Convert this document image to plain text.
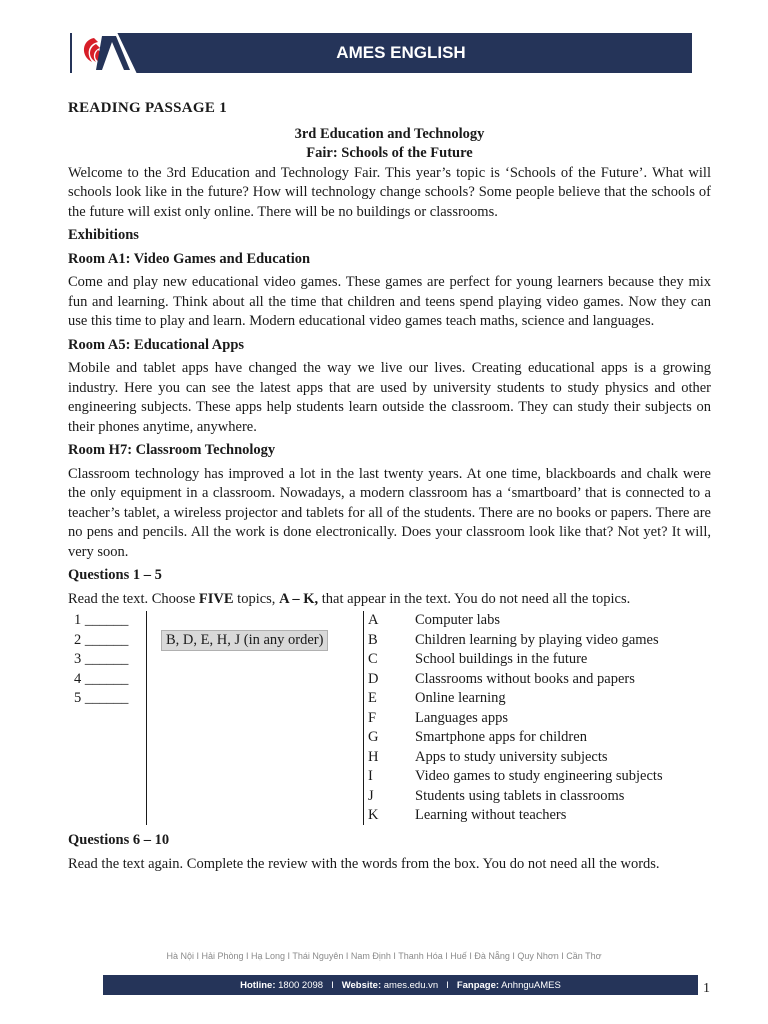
AMES ENGLISH

READING PASSAGE 1

3rd Education and Technology

Fair: Schools of the Future

Welcome to the 3rd Education and Technology Fair. This year’s topic is ‘Schools of the Future’. What will schools look like in the future? How will technology change schools? Some people believe that the schools of the future will exist only online. There will be no buildings or classrooms.

Exhibitions
Room A1: Video Games and Education

Come and play new educational video games. These games are perfect for young learners because they mix fun and learning. Think about all the time that children and teens spend playing video games. Now they can use this time to play and learn. Modern educational video games teach maths, science and languages.

Room A5: Educational Apps

Mobile and tablet apps have changed the way we live our lives. Creating educational apps is a growing industry. Here you can see the latest apps that are used by university students to study physics and other engineering subjects. These apps help students learn outside the classroom. They can study their subjects on their phones anytime, anywhere.

Room H7: Classroom Technology

Classroom technology has improved a lot in the last twenty years. At one time, blackboards and chalk were the only equipment in a classroom. Nowadays, a modern classroom has a ‘smartboard’ that is connected to a teacher’s tablet, a wireless projector and tablets for all of the students. There are no books or papers. There are no pens and pencils. All the work is done electronically. Does your classroom look like that? Not yet? It will, very soon.

Questions 1 – 5

Read the text. Choose FIVE topics, A – K, that appear in the text. You do not need all the topics.

1 ______
2 ______
3 ______
4 ______
5 ______
B, D, E, H, J (in any order)
A	Computer labs
B	Children learning by playing video games
C	School buildings in the future
D	Classrooms without books and papers
E	Online learning
F	Languages apps
G	Smartphone apps for children
H	Apps to study university subjects
I	Video games to study engineering subjects
J	Students using tablets in classrooms
K	Learning without teachers
Questions 6 – 10

Read the text again. Complete the review with the words from the box. You do not need all the words.

Hà Nội I Hải Phòng I Hạ Long I Thái Nguyên I Nam Định I Thanh Hóa I Huế I Đà Nẵng I Quy Nhơn I Cần Thơ
Hotline: 1800 2098 I Website: ames.edu.vn I Fanpage: AnhnguAMES	1
